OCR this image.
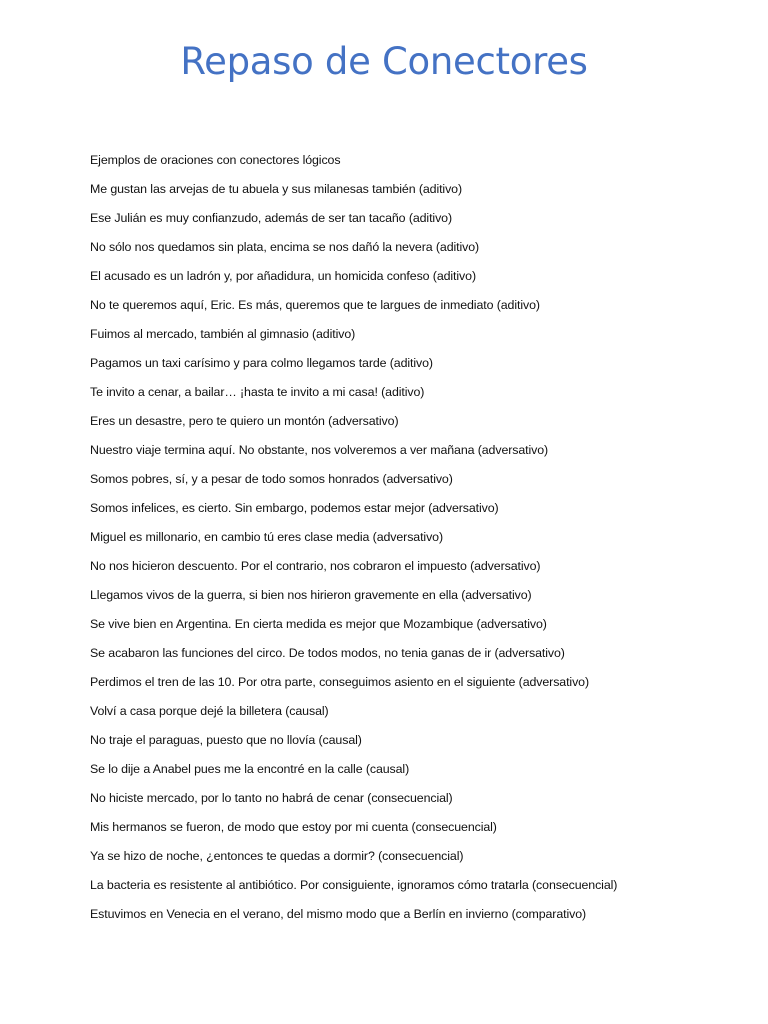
Repaso de Conectores
Ejemplos de oraciones con conectores lógicos
Me gustan las arvejas de tu abuela y sus milanesas también (aditivo)
Ese Julián es muy confianzudo, además de ser tan tacaño (aditivo)
No sólo nos quedamos sin plata, encima se nos dañó la nevera (aditivo)
El acusado es un ladrón y, por añadidura, un homicida confeso (aditivo)
No te queremos aquí, Eric. Es más, queremos que te largues de inmediato (aditivo)
Fuimos al mercado, también al gimnasio (aditivo)
Pagamos un taxi carísimo y para colmo llegamos tarde (aditivo)
Te invito a cenar, a bailar… ¡hasta te invito a mi casa! (aditivo)
Eres un desastre, pero te quiero un montón (adversativo)
Nuestro viaje termina aquí. No obstante, nos volveremos a ver mañana (adversativo)
Somos pobres, sí, y a pesar de todo somos honrados (adversativo)
Somos infelices, es cierto. Sin embargo, podemos estar mejor (adversativo)
Miguel es millonario, en cambio tú eres clase media (adversativo)
No nos hicieron descuento. Por el contrario, nos cobraron el impuesto (adversativo)
Llegamos vivos de la guerra, si bien nos hirieron gravemente en ella (adversativo)
Se vive bien en Argentina. En cierta medida es mejor que Mozambique (adversativo)
Se acabaron las funciones del circo. De todos modos, no tenia ganas de ir (adversativo)
Perdimos el tren de las 10. Por otra parte, conseguimos asiento en el siguiente (adversativo)
Volví a casa porque dejé la billetera (causal)
No traje el paraguas, puesto que no llovía (causal)
Se lo dije a Anabel pues me la encontré en la calle (causal)
No hiciste mercado, por lo tanto no habrá de cenar (consecuencial)
Mis hermanos se fueron, de modo que estoy por mi cuenta (consecuencial)
Ya se hizo de noche, ¿entonces te quedas a dormir? (consecuencial)
La bacteria es resistente al antibiótico. Por consiguiente, ignoramos cómo tratarla (consecuencial)
Estuvimos en Venecia en el verano, del mismo modo que a Berlín en invierno (comparativo)
